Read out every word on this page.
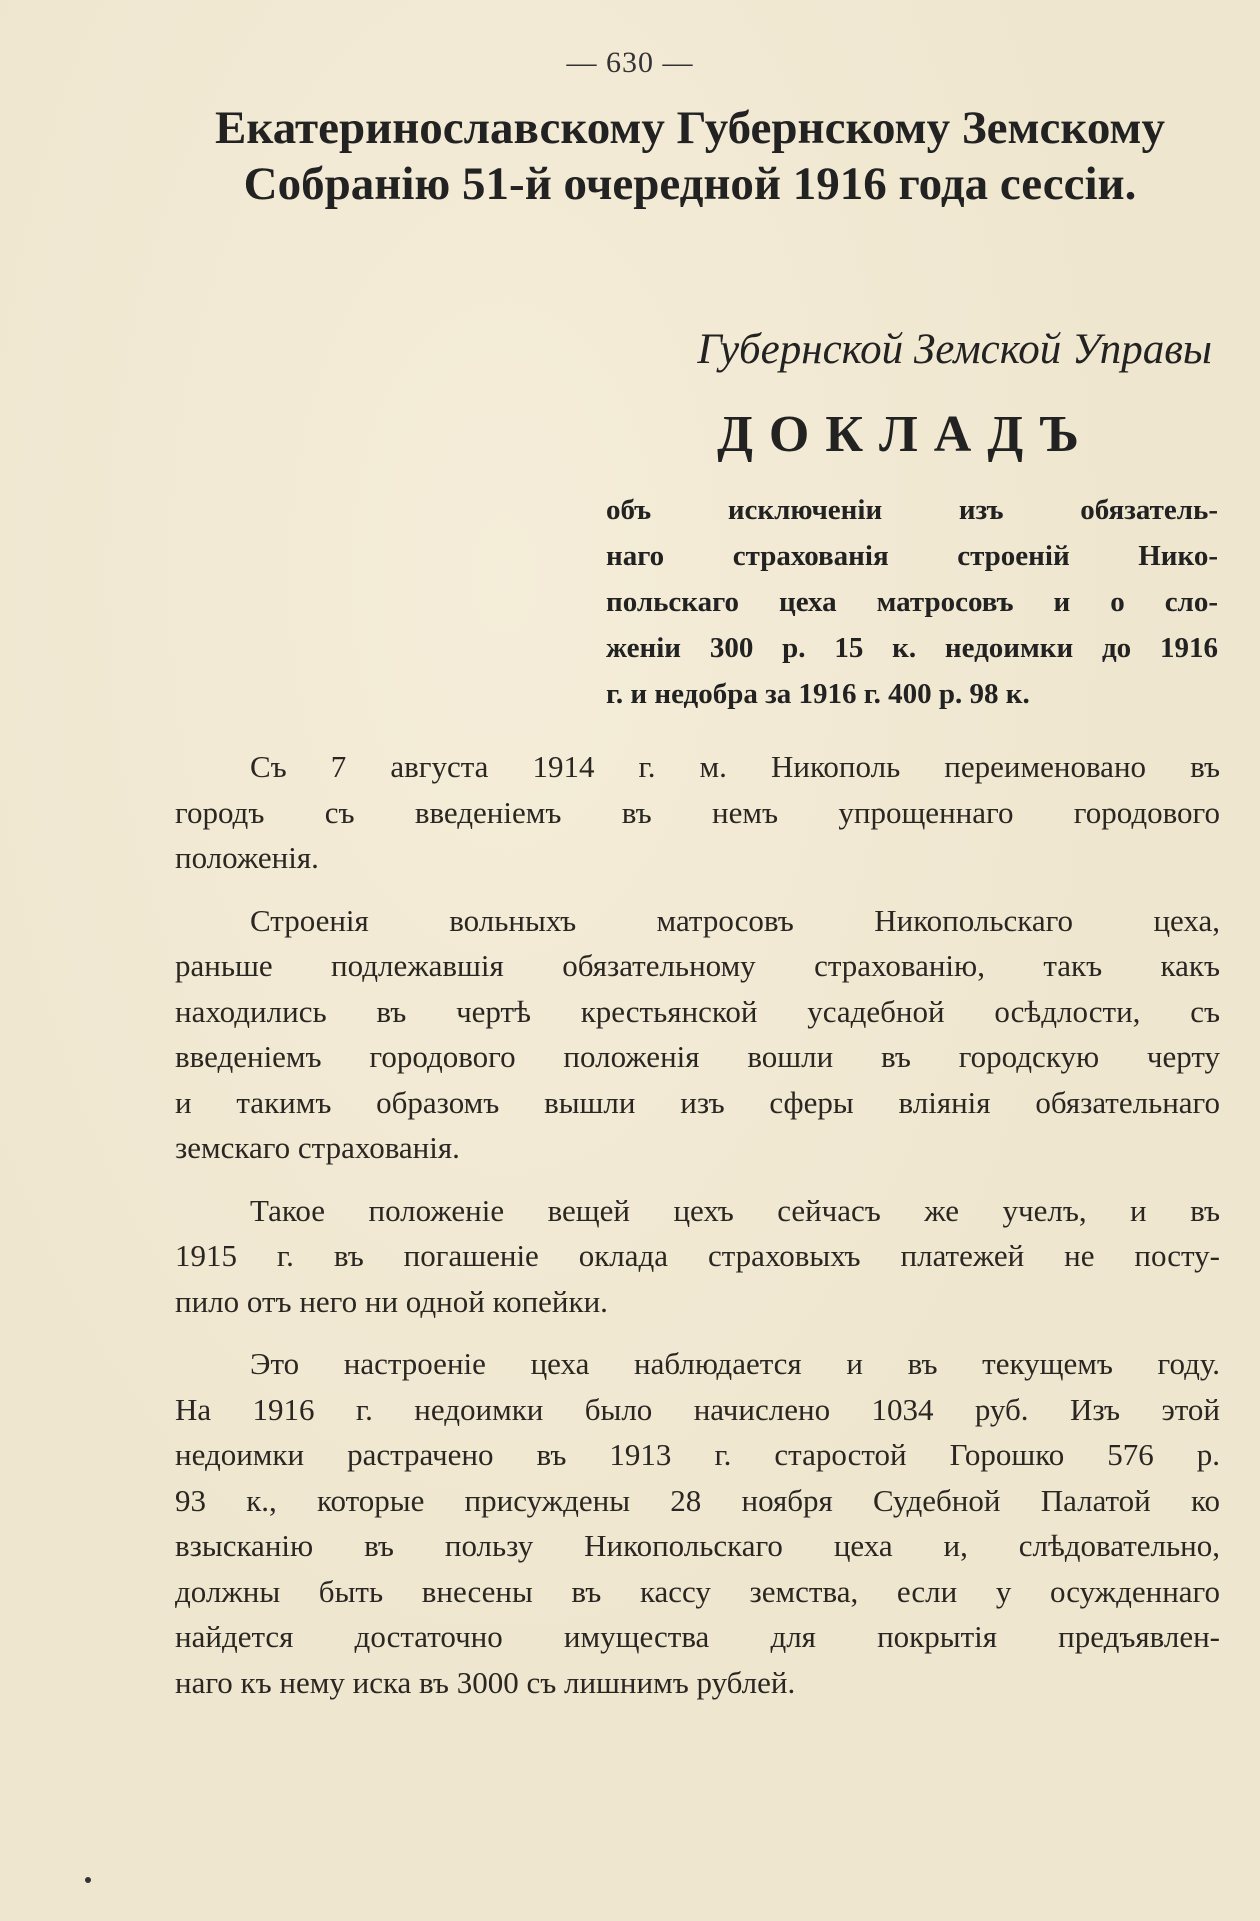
— 630 —
Екатеринославскому Губернскому Земскому
Собранію 51-й очередной 1916 года сессіи.
Губернской Земской Управы
ДОКЛАДЪ
объ исключеніи изъ обязатель-
наго страхованія строеній Нико-
польскаго цеха матросовъ и о сло-
женіи 300 р. 15 к. недоимки до 1916
г. и недобра за 1916 г. 400 р. 98 к.
Съ 7 августа 1914 г. м. Никополь переименовано въ
городъ съ введеніемъ въ немъ упрощеннаго городового
положенія.
Строенія вольныхъ матросовъ Никопольскаго цеха,
раньше подлежавшія обязательному страхованію, такъ какъ
находились въ чертѣ крестьянской усадебной осѣдлости, съ
введеніемъ городового положенія вошли въ городскую черту
и такимъ образомъ вышли изъ сферы вліянія обязательнаго
земскаго страхованія.
Такое положеніе вещей цехъ сейчасъ же учелъ, и въ
1915 г. въ погашеніе оклада страховыхъ платежей не посту-
пило отъ него ни одной копейки.
Это настроеніе цеха наблюдается и въ текущемъ году.
На 1916 г. недоимки было начислено 1034 руб. Изъ этой
недоимки растрачено въ 1913 г. старостой Горошко 576 р.
93 к., которые присуждены 28 ноября Судебной Палатой ко
взысканію въ пользу Никопольскаго цеха и, слѣдовательно,
должны быть внесены въ кассу земства, если у осужденнаго
найдется достаточно имущества для покрытія предъявлен-
наго къ нему иска въ 3000 съ лишнимъ рублей.
